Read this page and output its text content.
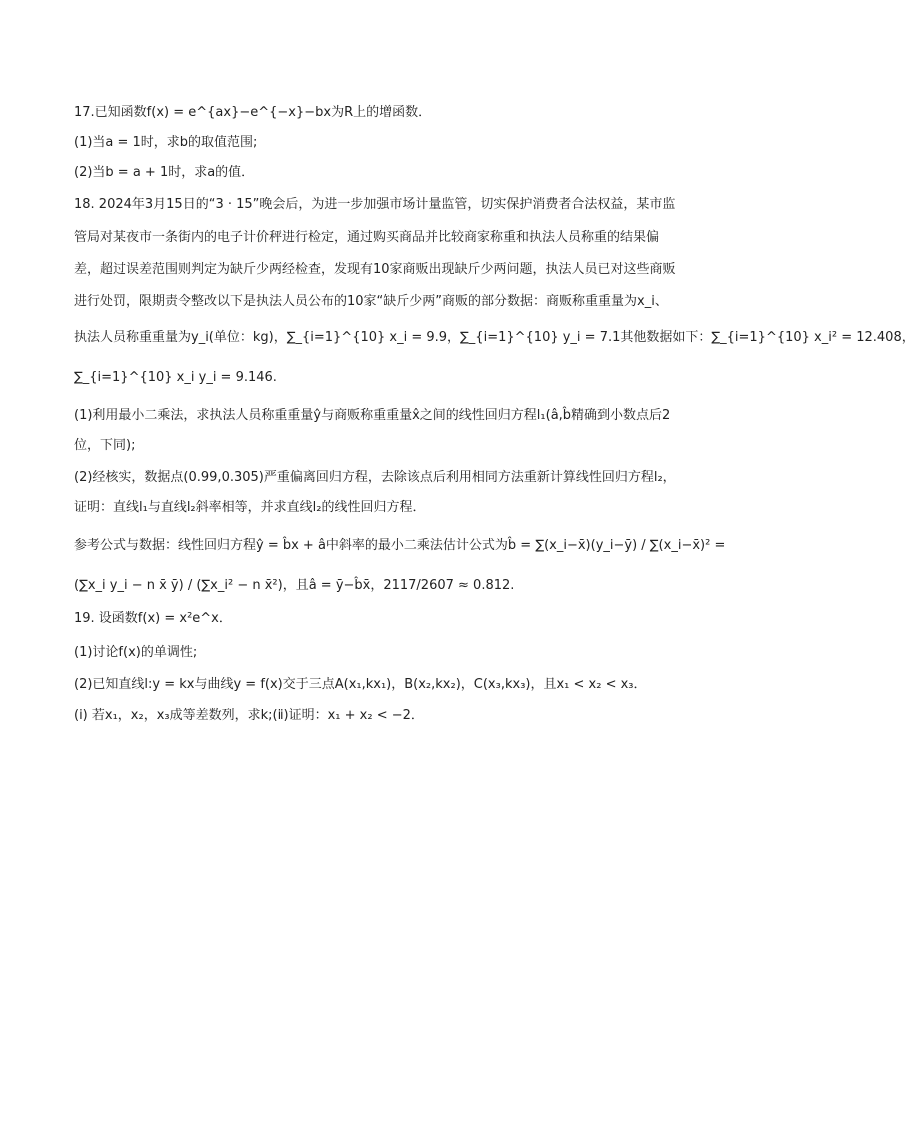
17.已知函数f(x) = e^{ax}−e^{−x}−bx为R上的增函数．
(1)当a = 1时，求b的取值范围;
(2)当b = a + 1时，求a的值．
18. 2024年3月15日的“3 · 15”晚会后，为进一步加强市场计量监管，切实保护消费者合法权益，某市监
管局对某夜市一条街内的电子计价秤进行检定，通过购买商品并比较商家称重和执法人员称重的结果偏
差，超过误差范围则判定为缺斤少两经检查，发现有10家商贩出现缺斤少两问题，执法人员已对这些商贩
进行处罚，限期责令整改以下是执法人员公布的10家“缺斤少两”商贩的部分数据：商贩称重重量为x_i、
执法人员称重重量为y_i(单位：kg)，∑_{i=1}^{10} x_i = 9.9，∑_{i=1}^{10} y_i = 7.1其他数据如下：∑_{i=1}^{10} x_i² = 12.408，
∑_{i=1}^{10} x_i y_i = 9.146.
(1)利用最小二乘法，求执法人员称重重量ŷ与商贩称重重量x̂之间的线性回归方程l₁(â,b̂精确到小数点后2
位，下同);
(2)经核实，数据点(0.99,0.305)严重偏离回归方程，去除该点后利用相同方法重新计算线性回归方程l₂，
证明：直线l₁与直线l₂斜率相等，并求直线l₂的线性回归方程．
参考公式与数据：线性回归方程ŷ = b̂x + â中斜率的最小二乘法估计公式为b̂ = ∑(x_i−x̄)(y_i−ȳ) / ∑(x_i−x̄)² =
(∑x_i y_i − n x̄ ȳ) / (∑x_i² − n x̄²)，且â = ȳ−b̂x̄，2117/2607 ≈ 0.812.
19. 设函数f(x) = x²e^x．
(1)讨论f(x)的单调性;
(2)已知直线l:y = kx与曲线y = f(x)交于三点A(x₁,kx₁)，B(x₂,kx₂)，C(x₃,kx₃)，且x₁ < x₂ < x₃．
(ⅰ) 若x₁，x₂，x₃成等差数列，求k;(ⅱ)证明：x₁ + x₂ < −2．
